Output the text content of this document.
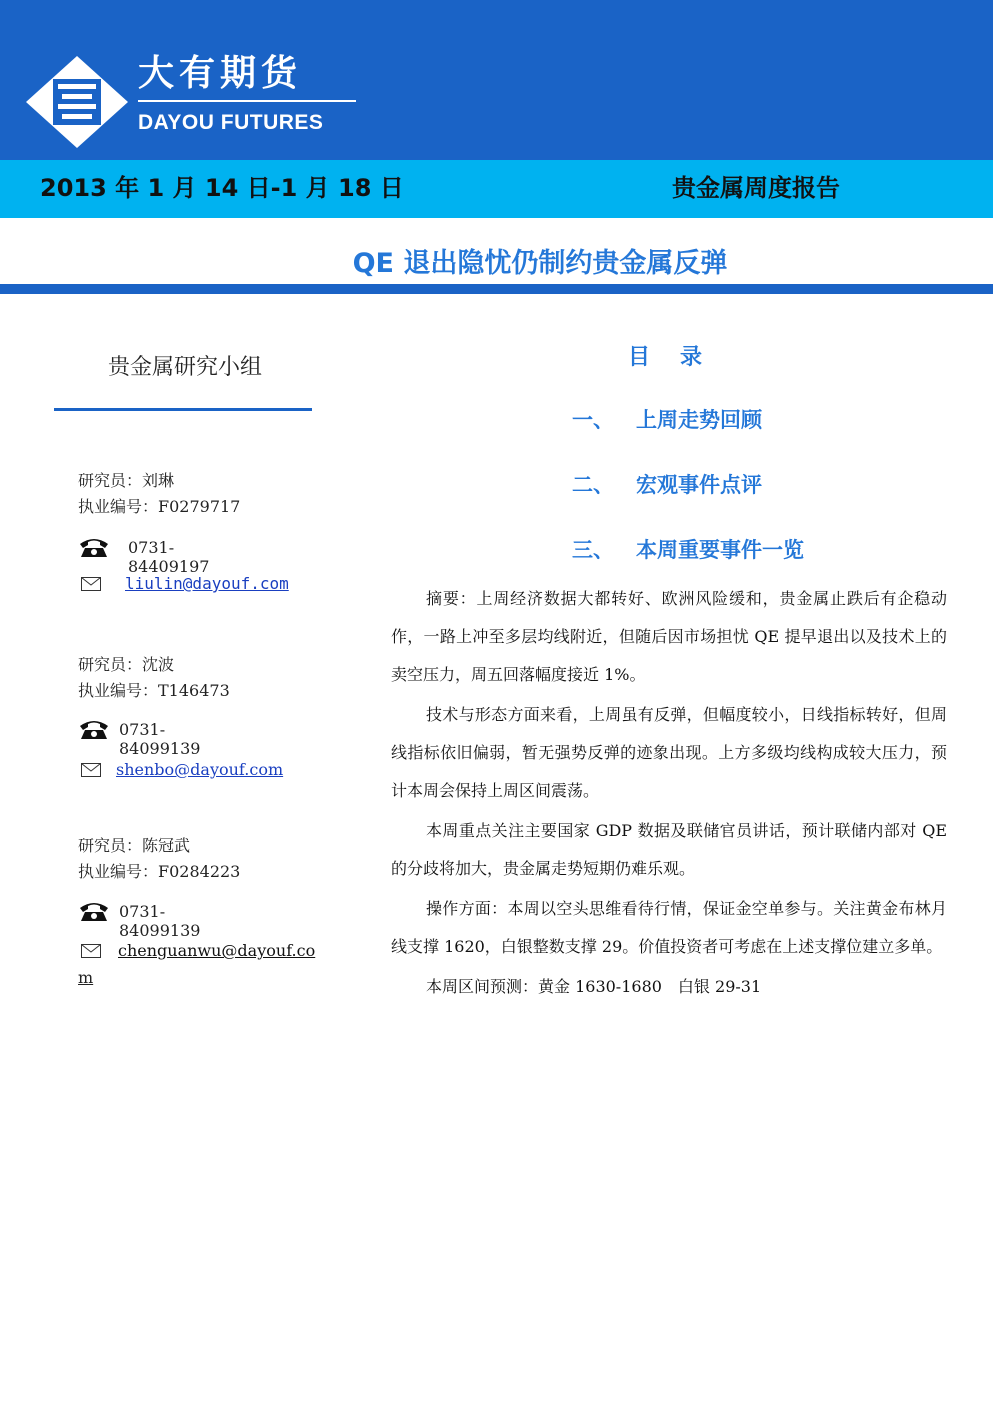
大有期货

DAYOU FUTURES

2013 年 1 月 14 日-1 月 18 日	贵金属周度报告

QE 退出隐忧仍制约贵金属反弹

贵金属研究小组

研究员：刘琳
执业编号：F0279717
0731-84409197
liulin@dayouf.com
研究员：沈波
执业编号：T146473
0731-84099139
shenbo@dayouf.com
研究员：陈冠武
执业编号：F0284223
0731-84099139
chenguanwu@dayouf.co
m

目录

一、 上周走势回顾

二、 宏观事件点评

三、 本周重要事件一览

摘要：上周经济数据大都转好、欧洲风险缓和，贵金属止跌后有企稳动作，一路上冲至多层均线附近，但随后因市场担忧 QE 提早退出以及技术上的卖空压力，周五回落幅度接近 1%。

技术与形态方面来看，上周虽有反弹，但幅度较小，日线指标转好，但周线指标依旧偏弱，暂无强势反弹的迹象出现。上方多级均线构成较大压力，预计本周会保持上周区间震荡。

本周重点关注主要国家 GDP 数据及联储官员讲话，预计联储内部对 QE 的分歧将加大，贵金属走势短期仍难乐观。

操作方面：本周以空头思维看待行情，保证金空单参与。关注黄金布林月线支撑 1620，白银整数支撑 29。价值投资者可考虑在上述支撑位建立多单。

本周区间预测：黄金 1630-1680　白银 29-31
